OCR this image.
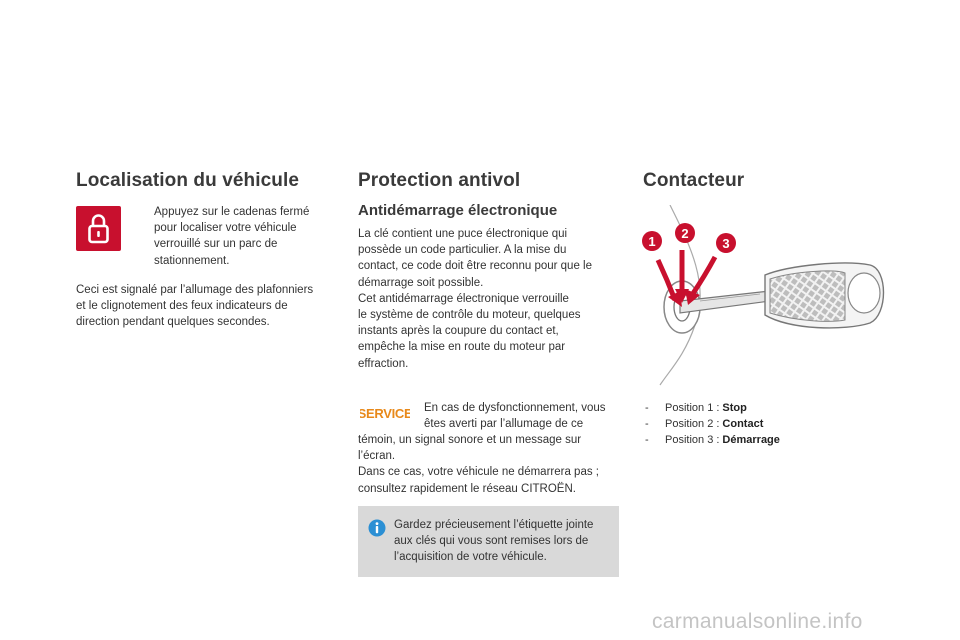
Localisation du véhicule
Appuyez sur le cadenas fermé
pour localiser votre véhicule
verrouillé sur un parc de
stationnement.
Ceci est signalé par l’allumage des plafonniers
et le clignotement des feux indicateurs de
direction pendant quelques secondes.
Protection antivol
Antidémarrage électronique
La clé contient une puce électronique qui
possède un code particulier. A la mise du
contact, ce code doit être reconnu pour que le
démarrage soit possible.
Cet antidémarrage électronique verrouille
le système de contrôle du moteur, quelques
instants après la coupure du contact et,
empêche la mise en route du moteur par
effraction.
SERVICE En cas de dysfonctionnement, vous
êtes averti par l’allumage de ce
témoin, un signal sonore et un message sur
l’écran.
Dans ce cas, votre véhicule ne démarrera pas ;
consultez rapidement le réseau CITROËN.
Gardez précieusement l’étiquette jointe
aux clés qui vous sont remises lors de
l’acquisition de votre véhicule.
Contacteur
1
2
3
-	Position 1 : Stop
-	Position 2 : Contact
-	Position 3 : Démarrage
carmanualsonline.info
